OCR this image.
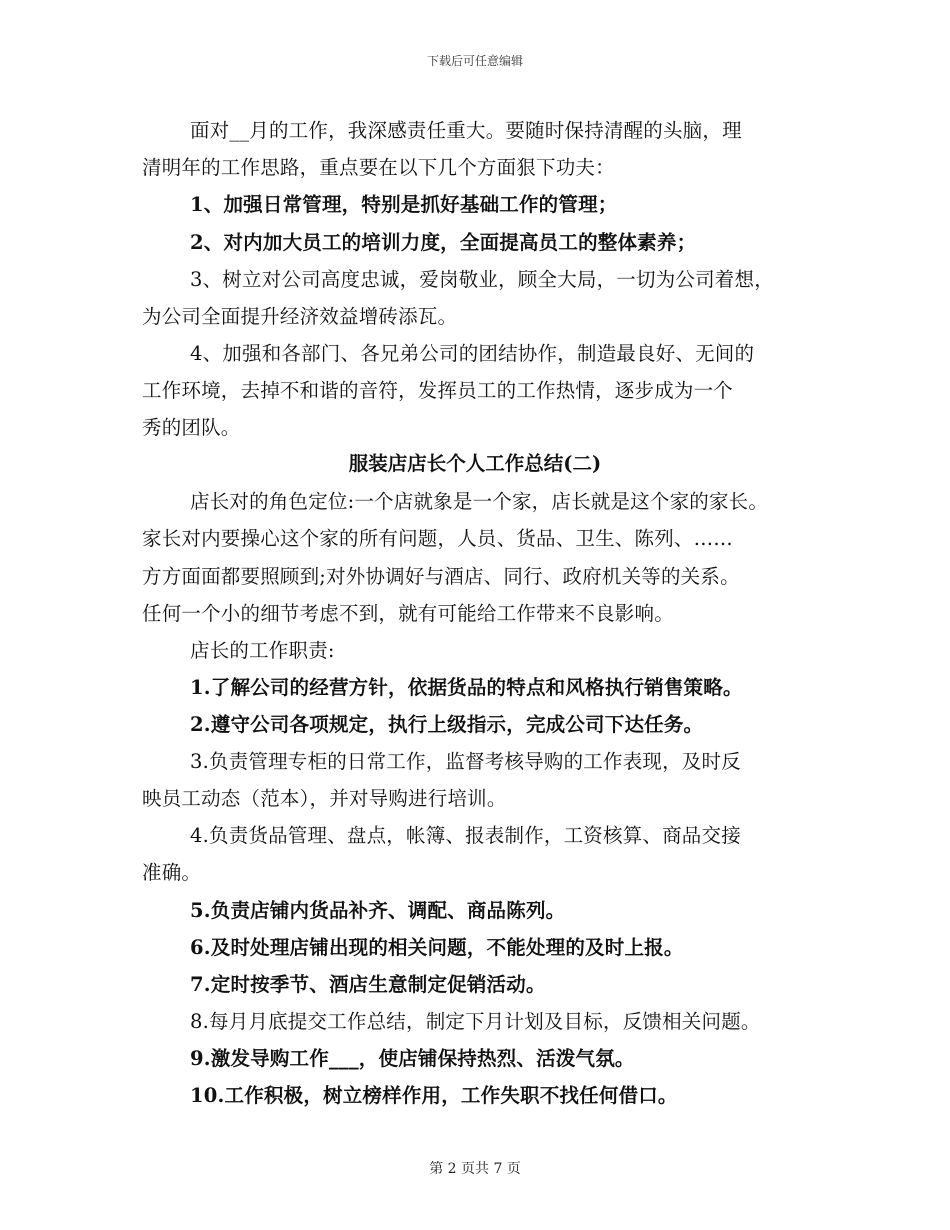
下载后可任意编辑
面对__月的工作，我深感责任重大。要随时保持清醒的头脑，理
清明年的工作思路，重点要在以下几个方面狠下功夫：
1、加强日常管理，特别是抓好基础工作的管理；
2、对内加大员工的培训力度，全面提高员工的整体素养；
3、树立对公司高度忠诚，爱岗敬业，顾全大局，一切为公司着想，
为公司全面提升经济效益增砖添瓦。
4、加强和各部门、各兄弟公司的团结协作，制造最良好、无间的
工作环境，去掉不和谐的音符，发挥员工的工作热情，逐步成为一个
秀的团队。
服装店店长个人工作总结(二)
店长对的角色定位:一个店就象是一个家，店长就是这个家的家长。
家长对内要操心这个家的所有问题，人员、货品、卫生、陈列、……
方方面面都要照顾到;对外协调好与酒店、同行、政府机关等的关系。
任何一个小的细节考虑不到，就有可能给工作带来不良影响。
店长的工作职责:
1.了解公司的经营方针，依据货品的特点和风格执行销售策略。
2.遵守公司各项规定，执行上级指示，完成公司下达任务。
3.负责管理专柜的日常工作，监督考核导购的工作表现，及时反
映员工动态（范本），并对导购进行培训。
4.负责货品管理、盘点，帐簿、报表制作，工资核算、商品交接
准确。
5.负责店铺内货品补齐、调配、商品陈列。
6.及时处理店铺出现的相关问题，不能处理的及时上报。
7.定时按季节、酒店生意制定促销活动。
8.每月月底提交工作总结，制定下月计划及目标，反馈相关问题。
9.激发导购工作___，使店铺保持热烈、活泼气氛。
10.工作积极，树立榜样作用，工作失职不找任何借口。
第 2 页共 7 页
